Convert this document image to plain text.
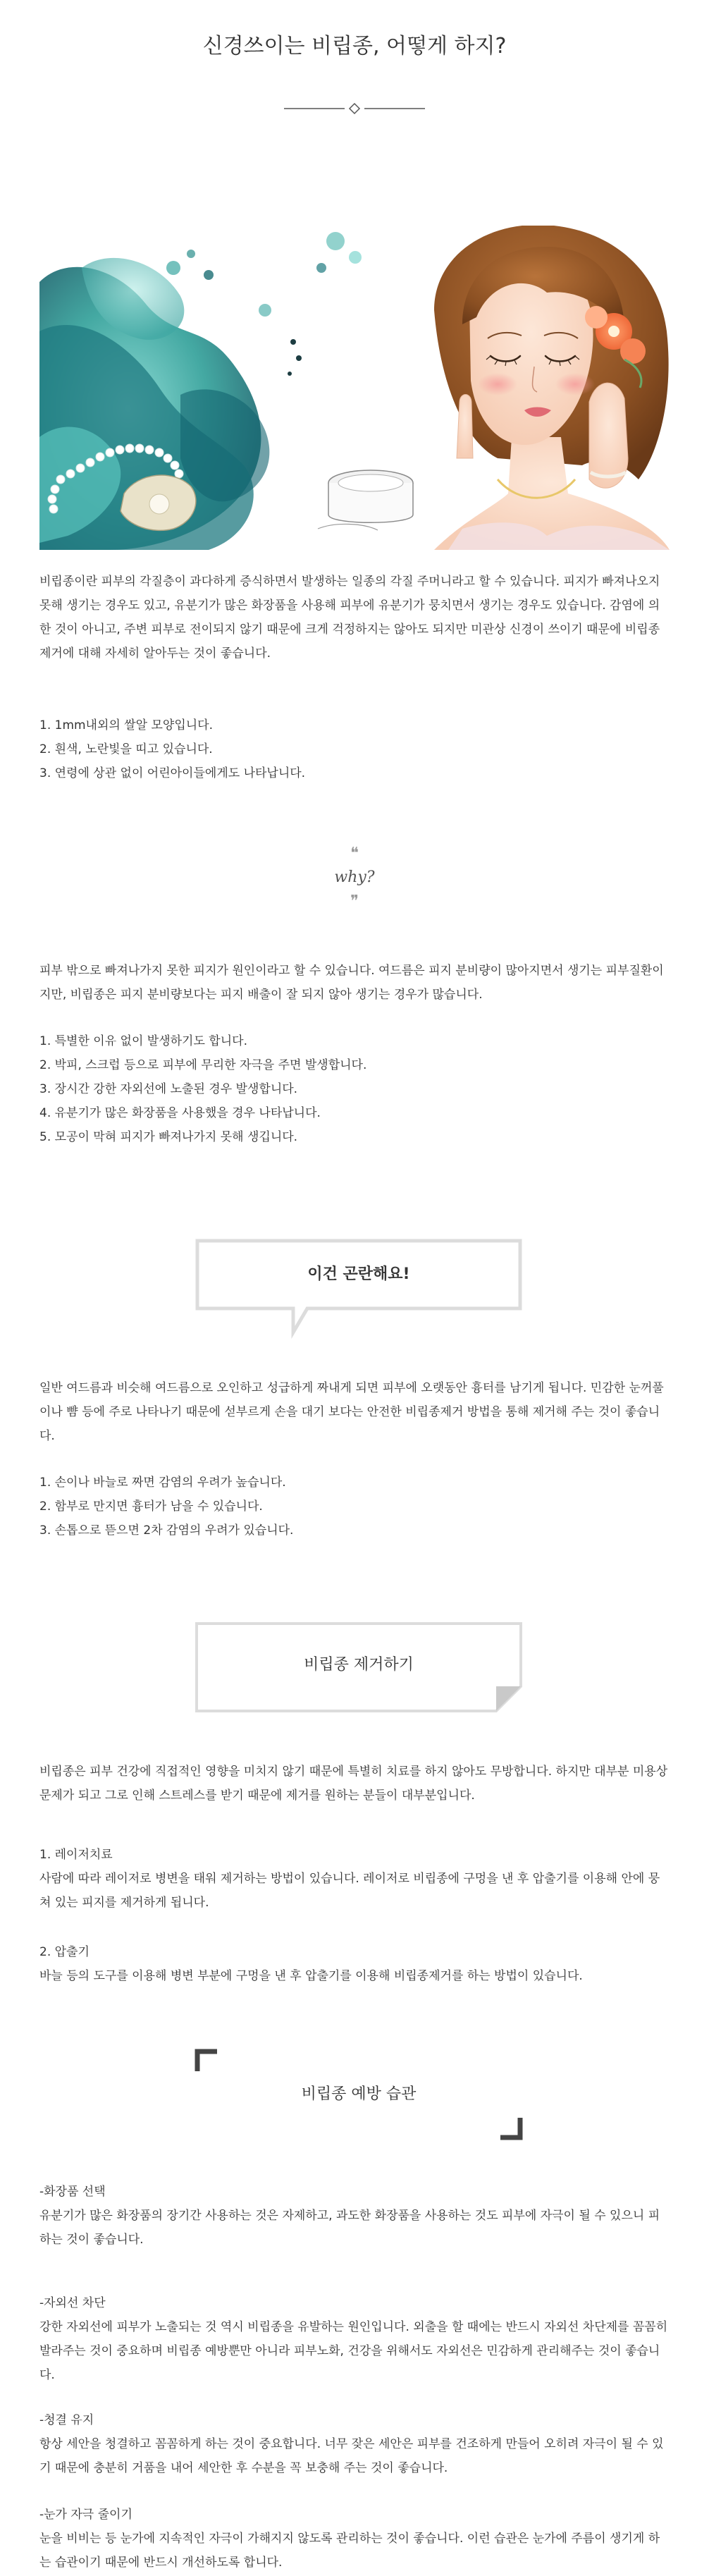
신경쓰이는 비립종, 어떻게 하지?

비립종이란 피부의 각질층이 과다하게 증식하면서 발생하는 일종의 각질 주머니라고 할 수 있습니다. 피지가 빠져나오지 못해 생기는 경우도 있고, 유분기가 많은 화장품을 사용해 피부에 유분기가 뭉치면서 생기는 경우도 있습니다. 감염에 의한 것이 아니고, 주변 피부로 전이되지 않기 때문에 크게 걱정하지는 않아도 되지만 미관상 신경이 쓰이기 때문에 비립종제거에 대해 자세히 알아두는 것이 좋습니다.

1. 1mm내외의 쌀알 모양입니다.
2. 흰색, 노란빛을 띠고 있습니다.
3. 연령에 상관 없이 어린아이들에게도 나타납니다.
❝
why?
❞

피부 밖으로 빠져나가지 못한 피지가 원인이라고 할 수 있습니다. 여드름은 피지 분비량이 많아지면서 생기는 피부질환이지만, 비립종은 피지 분비량보다는 피지 배출이 잘 되지 않아 생기는 경우가 많습니다.

1. 특별한 이유 없이 발생하기도 합니다.
2. 박피, 스크럽 등으로 피부에 무리한 자극을 주면 발생합니다.
3. 장시간 강한 자외선에 노출된 경우 발생합니다.
4. 유분기가 많은 화장품을 사용했을 경우 나타납니다.
5. 모공이 막혀 피지가 빠져나가지 못해 생깁니다.
이건 곤란해요!

일반 여드름과 비슷해 여드름으로 오인하고 성급하게 짜내게 되면 피부에 오랫동안 흉터를 남기게 됩니다. 민감한 눈꺼풀이나 뺨 등에 주로 나타나기 때문에 섣부르게 손을 대기 보다는 안전한 비립종제거 방법을 통해 제거해 주는 것이 좋습니다.

1. 손이나 바늘로 짜면 감염의 우려가 높습니다.
2. 함부로 만지면 흉터가 남을 수 있습니다.
3. 손톱으로 뜯으면 2차 감염의 우려가 있습니다.
비립종 제거하기

비립종은 피부 건강에 직접적인 영향을 미치지 않기 때문에 특별히 치료를 하지 않아도 무방합니다. 하지만 대부분 미용상 문제가 되고 그로 인해 스트레스를 받기 때문에 제거를 원하는 분들이 대부분입니다.

1. 레이저치료
사람에 따라 레이저로 병변을 태워 제거하는 방법이 있습니다. 레이저로 비립종에 구멍을 낸 후 압출기를 이용해 안에 뭉쳐 있는 피지를 제거하게 됩니다.
2. 압출기
바늘 등의 도구를 이용해 병변 부분에 구멍을 낸 후 압출기를 이용해 비립종제거를 하는 방법이 있습니다.
비립종 예방 습관
-화장품 선택
유분기가 많은 화장품의 장기간 사용하는 것은 자제하고, 과도한 화장품을 사용하는 것도 피부에 자극이 될 수 있으니 피하는 것이 좋습니다.
-자외선 차단
강한 자외선에 피부가 노출되는 것 역시 비립종을 유발하는 원인입니다. 외출을 할 때에는 반드시 자외선 차단제를 꼼꼼히 발라주는 것이 중요하며 비립종 예방뿐만 아니라 피부노화, 건강을 위해서도 자외선은 민감하게 관리해주는 것이 좋습니다.
-청결 유지
항상 세안을 청결하고 꼼꼼하게 하는 것이 중요합니다. 너무 잦은 세안은 피부를 건조하게 만들어 오히려 자극이 될 수 있기 때문에 충분히 거품을 내어 세안한 후 수분을 꼭 보충해 주는 것이 좋습니다.
-눈가 자극 줄이기
눈을 비비는 등 눈가에 지속적인 자극이 가해지지 않도록 관리하는 것이 좋습니다. 이런 습관은 눈가에 주름이 생기게 하는 습관이기 때문에 반드시 개선하도록 합니다.
